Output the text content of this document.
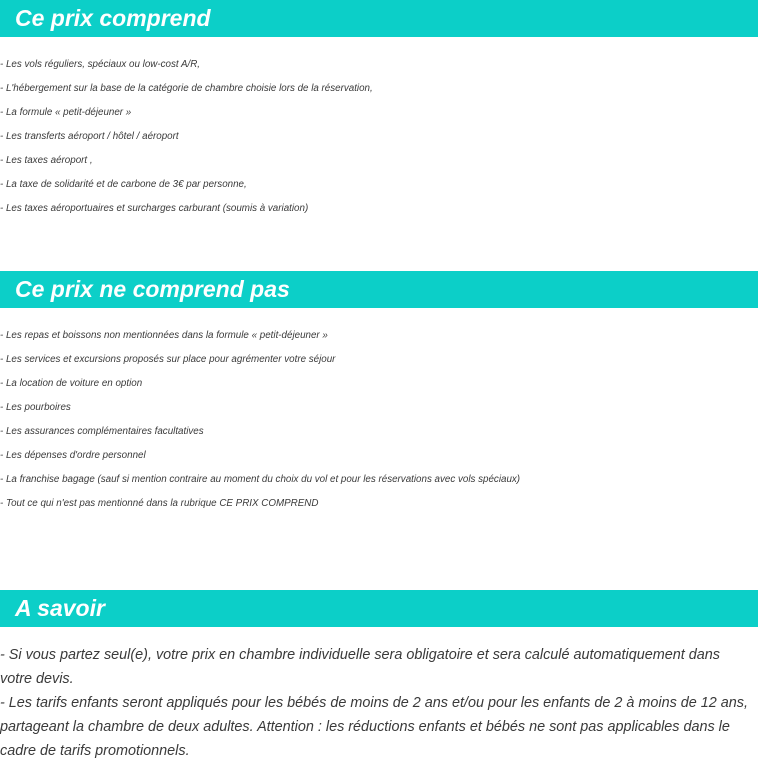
Ce prix comprend
- Les vols réguliers, spéciaux ou low-cost A/R,
- L'hébergement sur la base de la catégorie de chambre choisie lors de la réservation,
- La formule « petit-déjeuner »
- Les transferts aéroport / hôtel / aéroport
- Les taxes aéroport ,
- La taxe de solidarité et de carbone de 3€ par personne,
- Les taxes aéroportuaires et surcharges carburant (soumis à variation)
Ce prix ne comprend pas
- Les repas et boissons non mentionnées dans la formule « petit-déjeuner »
- Les services et excursions proposés sur place pour agrémenter votre séjour
- La location de voiture en option
- Les pourboires
- Les assurances complémentaires facultatives
- Les dépenses d'ordre personnel
- La franchise bagage (sauf si mention contraire au moment du choix du vol et pour les réservations avec vols spéciaux)
- Tout ce qui n'est pas mentionné dans la rubrique CE PRIX COMPREND
A savoir
- Si vous partez seul(e), votre prix en chambre individuelle sera obligatoire et sera calculé automatiquement dans votre devis.
- Les tarifs enfants seront appliqués pour les bébés de moins de 2 ans et/ou pour les enfants de 2 à moins de 12 ans, partageant la chambre de deux adultes. Attention : les réductions enfants et bébés ne sont pas applicables dans le cadre de tarifs promotionnels.
